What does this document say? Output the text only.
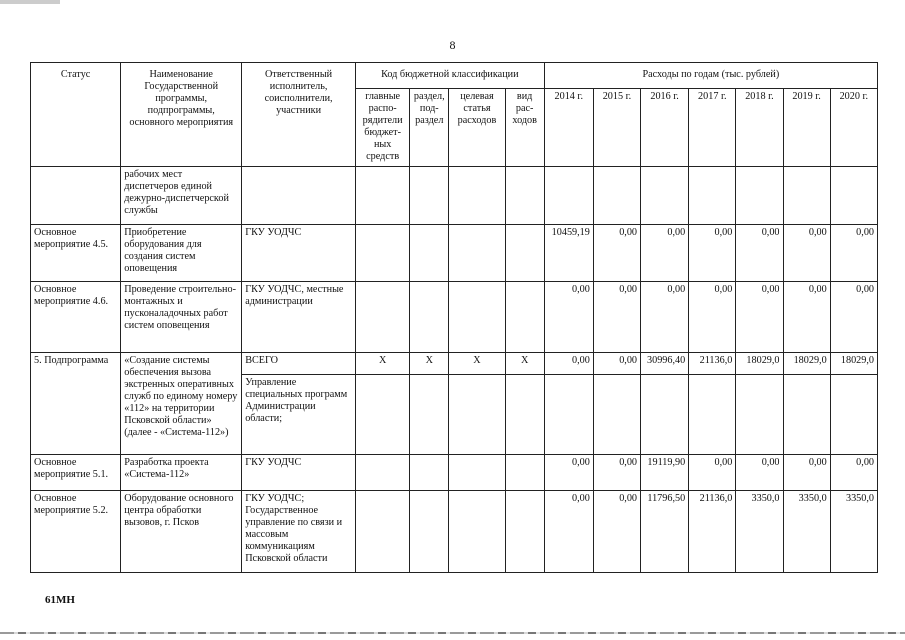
8
Статус	Наименование Государственной программы, подпрограммы, основного мероприятия	Ответственный исполнитель, соисполнители, участники	Код бюджетной классификации				Расходы по годам (тыс. рублей)						
			главные распо-рядители бюджет-ных средств	раздел, под-раздел	целевая статья расходов	вид рас-ходов	2014 г.	2015 г.	2016 г.	2017 г.	2018 г.	2019 г.	2020 г.
	рабочих мест диспетчеров единой дежурно-диспетчерской службы												
Основное мероприятие 4.5.	Приобретение оборудования для создания систем оповещения	ГКУ УОДЧС					10459,19	0,00	0,00	0,00	0,00	0,00	0,00
Основное мероприятие 4.6.	Проведение строительно-монтажных и пусконаладочных работ систем оповещения	ГКУ УОДЧС, местные администрации					0,00	0,00	0,00	0,00	0,00	0,00	0,00
5. Подпрограмма	«Создание системы обеспечения вызова экстренных оперативных служб по единому номеру «112» на территории Псковской области» (далее - «Система-112»)	ВСЕГО	Х	Х	Х	Х	0,00	0,00	30996,40	21136,0	18029,0	18029,0	18029,0
		Управление специальных программ Администрации области;											
Основное мероприятие 5.1.	Разработка проекта «Система-112»	ГКУ УОДЧС					0,00	0,00	19119,90	0,00	0,00	0,00	0,00
Основное мероприятие 5.2.	Оборудование основного центра обработки вызовов, г. Псков	ГКУ УОДЧС; Государственное управление по связи и массовым коммуникациям Псковской области					0,00	0,00	11796,50	21136,0	3350,0	3350,0	3350,0
61МН
